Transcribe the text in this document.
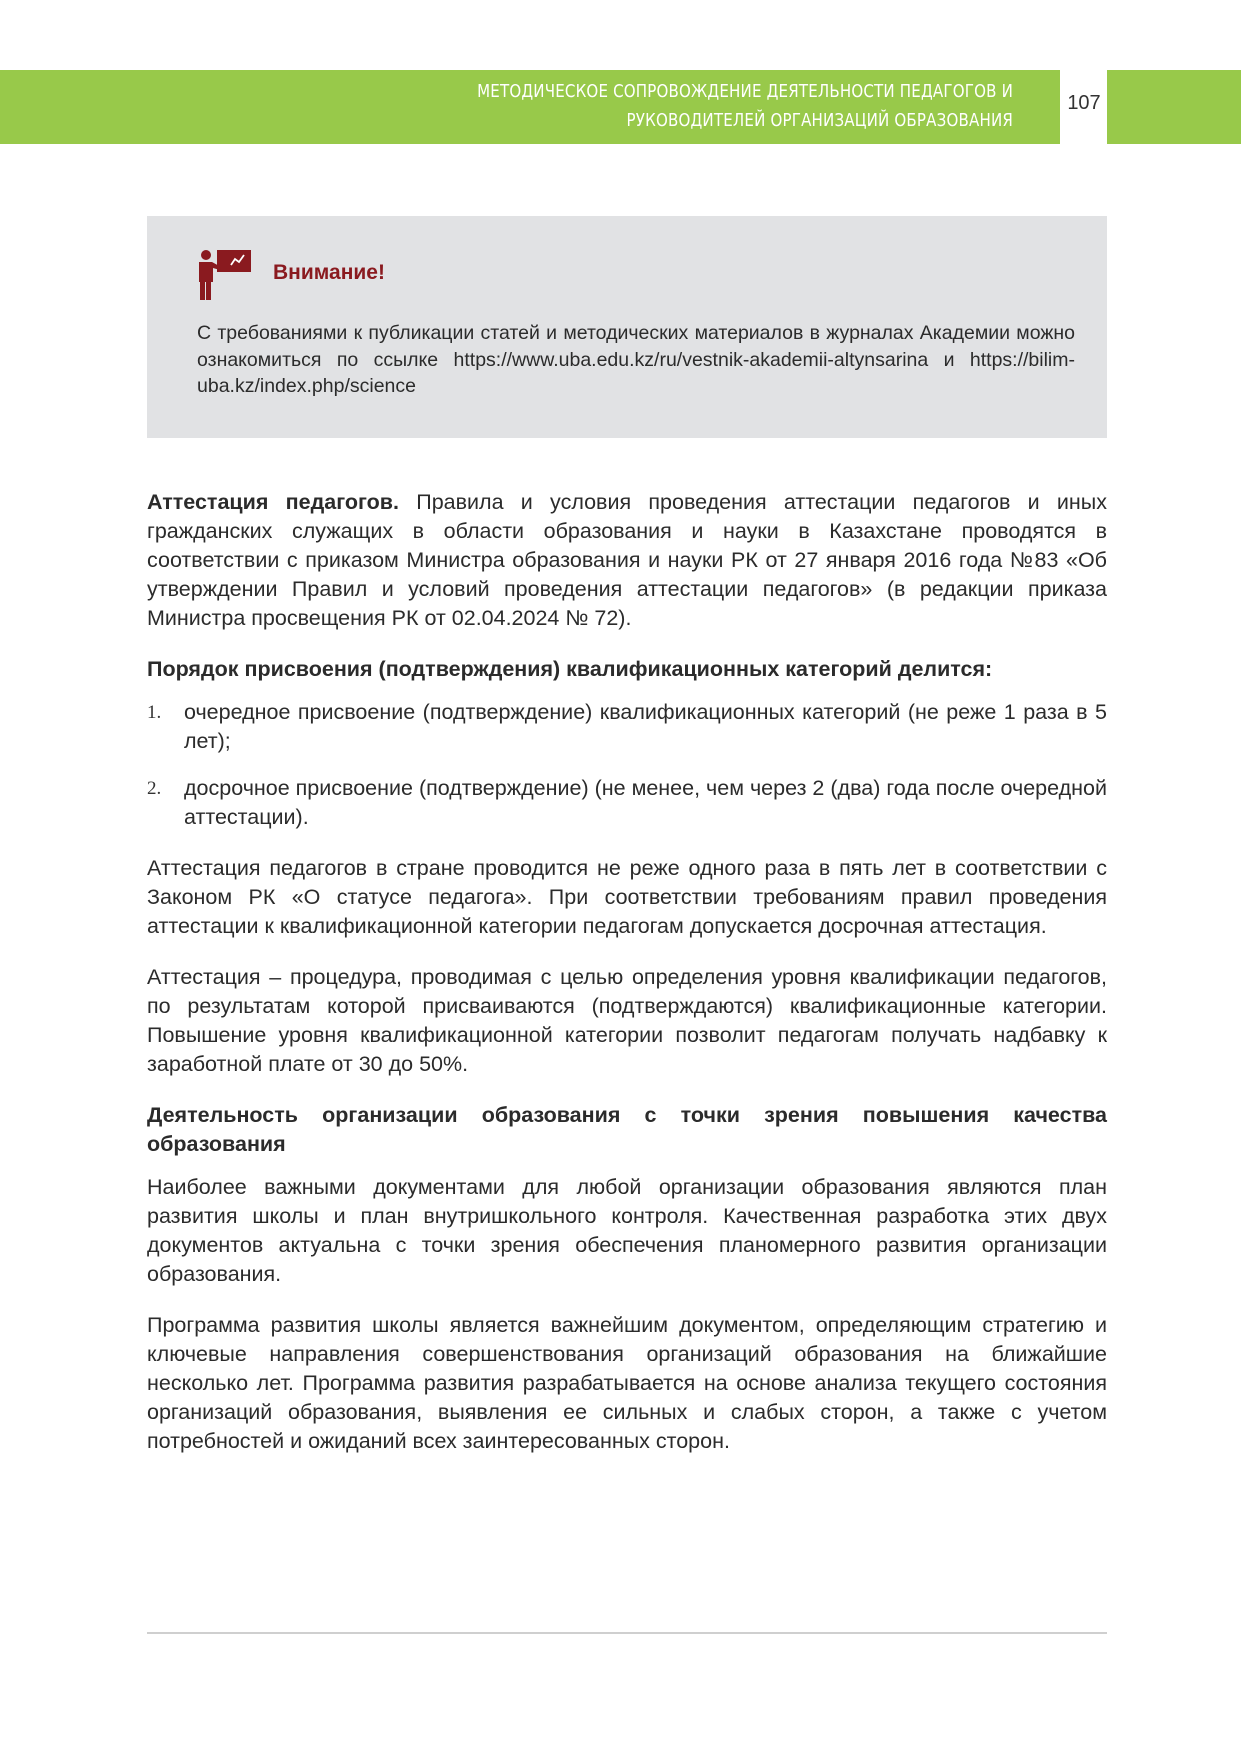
МЕТОДИЧЕСКОЕ СОПРОВОЖДЕНИЕ ДЕЯТЕЛЬНОСТИ ПЕДАГОГОВ И
РУКОВОДИТЕЛЕЙ ОРГАНИЗАЦИЙ ОБРАЗОВАНИЯ
107
Внимание!
С требованиями к публикации статей и методических материалов в журналах Академии можно ознакомиться по ссылке https://www.uba.edu.kz/ru/vestnik-akademii-altynsarina и https://bilim-uba.kz/index.php/science

Аттестация педагогов. Правила и условия проведения аттестации педагогов и иных гражданских служащих в области образования и науки в Казахстане проводятся в соответствии с приказом Министра образования и науки РК от 27 января 2016 года №83 «Об утверждении Правил и условий проведения аттестации педагогов» (в редакции приказа Министра просвещения РК от 02.04.2024 № 72).

Порядок присвоения (подтверждения) квалификационных категорий делится:

1. очередное присвоение (подтверждение) квалификационных категорий (не реже 1 раза в 5 лет);
2. досрочное присвоение (подтверждение) (не менее, чем через 2 (два) года после очередной аттестации).

Аттестация педагогов в стране проводится не реже одного раза в пять лет в соответствии с Законом РК «О статусе педагога». При соответствии требованиям правил проведения аттестации к квалификационной категории педагогам допускается досрочная аттестация.

Аттестация – процедура, проводимая с целью определения уровня квалификации педагогов, по результатам которой присваиваются (подтверждаются) квалификационные категории. Повышение уровня квалификационной категории позволит педагогам получать надбавку к заработной плате от 30 до 50%.

Деятельность организации образования с точки зрения повышения качества образования

Наиболее важными документами для любой организации образования являются план развития школы и план внутришкольного контроля. Качественная разработка этих двух документов актуальна с точки зрения обеспечения планомерного развития организации образования.

Программа развития школы является важнейшим документом, определяющим стратегию и ключевые направления совершенствования организаций образования на ближайшие несколько лет. Программа развития разрабатывается на основе анализа текущего состояния организаций образования, выявления ее сильных и слабых сторон, а также с учетом потребностей и ожиданий всех заинтересованных сторон.
